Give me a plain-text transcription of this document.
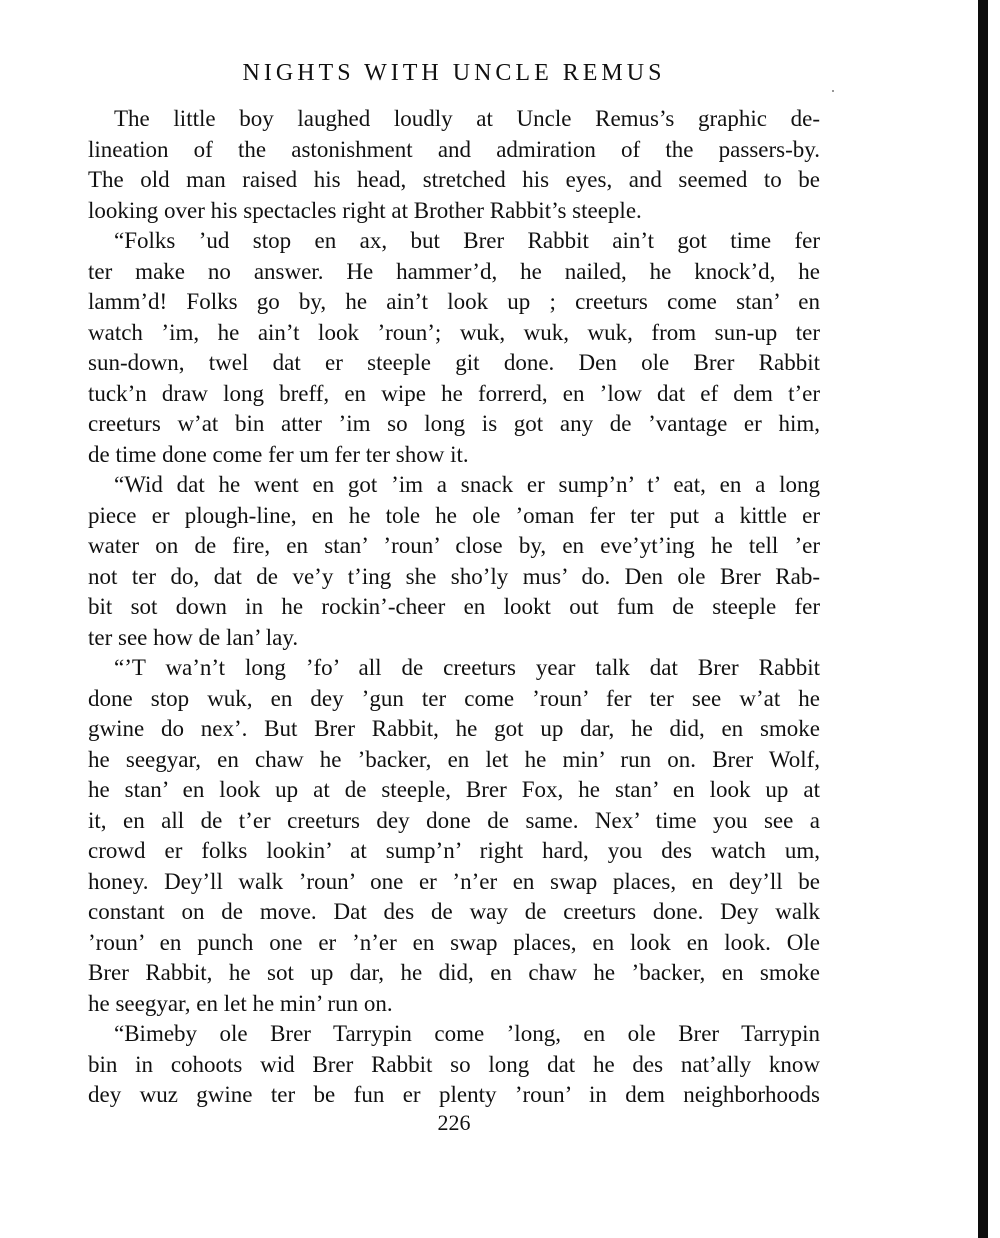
NIGHTS WITH UNCLE REMUS
The little boy laughed loudly at Uncle Remus’s graphic de-
lineation of the astonishment and admiration of the passers-by.
The old man raised his head, stretched his eyes, and seemed to be
looking over his spectacles right at Brother Rabbit’s steeple.
“Folks ’ud stop en ax, but Brer Rabbit ain’t got time fer
ter make no answer. He hammer’d, he nailed, he knock’d, he
lamm’d! Folks go by, he ain’t look up ; creeturs come stan’ en
watch ’im, he ain’t look ’roun’; wuk, wuk, wuk, from sun-up ter
sun-down, twel dat er steeple git done. Den ole Brer Rabbit
tuck’n draw long breff, en wipe he forrerd, en ’low dat ef dem t’er
creeturs w’at bin atter ’im so long is got any de ’vantage er him,
de time done come fer um fer ter show it.
“Wid dat he went en got ’im a snack er sump’n’ t’ eat, en a long
piece er plough-line, en he tole he ole ’oman fer ter put a kittle er
water on de fire, en stan’ ’roun’ close by, en eve’yt’ing he tell ’er
not ter do, dat de ve’y t’ing she sho’ly mus’ do. Den ole Brer Rab-
bit sot down in he rockin’-cheer en lookt out fum de steeple fer
ter see how de lan’ lay.
“’T wa’n’t long ’fo’ all de creeturs year talk dat Brer Rabbit
done stop wuk, en dey ’gun ter come ’roun’ fer ter see w’at he
gwine do nex’. But Brer Rabbit, he got up dar, he did, en smoke
he seegyar, en chaw he ’backer, en let he min’ run on. Brer Wolf,
he stan’ en look up at de steeple, Brer Fox, he stan’ en look up at
it, en all de t’er creeturs dey done de same. Nex’ time you see a
crowd er folks lookin’ at sump’n’ right hard, you des watch um,
honey. Dey’ll walk ’roun’ one er ’n’er en swap places, en dey’ll be
constant on de move. Dat des de way de creeturs done. Dey walk
’roun’ en punch one er ’n’er en swap places, en look en look. Ole
Brer Rabbit, he sot up dar, he did, en chaw he ’backer, en smoke
he seegyar, en let he min’ run on.
“Bimeby ole Brer Tarrypin come ’long, en ole Brer Tarrypin
bin in cohoots wid Brer Rabbit so long dat he des nat’ally know
dey wuz gwine ter be fun er plenty ’roun’ in dem neighborhoods
226
